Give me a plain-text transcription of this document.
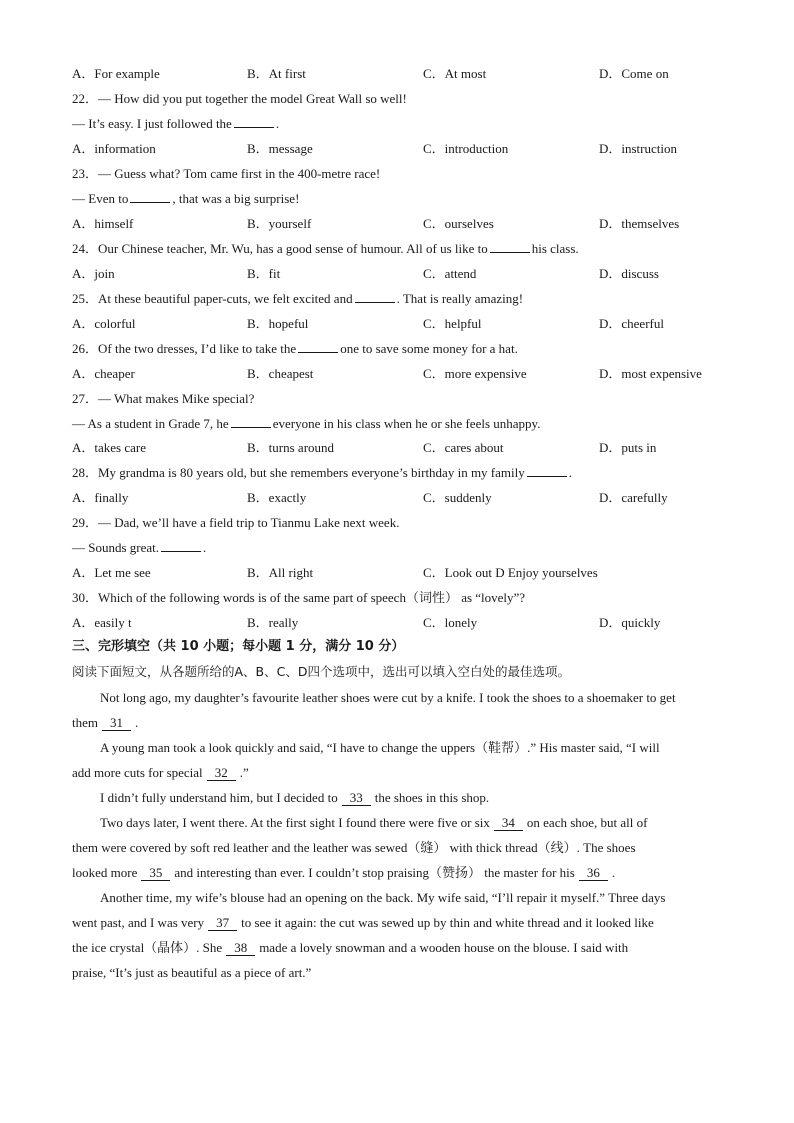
A．For example	B．At first	C．At most	D．Come on
22．— How did you put together the model Great Wall so well!
— It’s easy. I just followed the	.
A．information	B．message	C．introduction	D．instruction
23．— Guess what? Tom came first in the 400-metre race!
— Even to	, that was a big surprise!
A．himself	B．yourself	C．ourselves	D．themselves
24．Our Chinese teacher, Mr. Wu, has a good sense of humour. All of us like to	his class.
A．join	B．fit	C．attend	D．discuss
25．At these beautiful paper-cuts, we felt excited and	. That is really amazing!
A．colorful	B．hopeful	C．helpful	D．cheerful
26．Of the two dresses, I’d like to take the	one to save some money for a hat.
A．cheaper	B．cheapest	C．more expensive	D．most expensive
27．— What makes Mike special?
— As a student in Grade 7, he	everyone in his class when he or she feels unhappy.
A．takes care	B．turns around	C．cares about	D．puts in
28．My grandma is 80 years old, but she remembers everyone’s birthday in my family	.
A．finally	B．exactly	C．suddenly	D．carefully
29．— Dad, we’ll have a field trip to Tianmu Lake next week.
— Sounds great.	.
A．Let me see	B．All right	C．Look out D Enjoy yourselves
30．Which of the following words is of the same part of speech（词性） as “lovely”?
A．easily t	B．really	C．lonely	D．quickly
三、完形填空（共 10 小题；每小题 1 分，满分 10 分）
阅读下面短文，从各题所给的A、B、C、D四个选项中，选出可以填入空白处的最佳选项。
Not long ago, my daughter’s favourite leather shoes were cut by a knife. I took the shoes to a shoemaker to get
them 31 .
A young man took a look quickly and said, “I have to change the uppers（鞋帮）.” His master said, “I will
add more cuts for special 32 .”
I didn’t fully understand him, but I decided to 33 the shoes in this shop.
Two days later, I went there. At the first sight I found there were five or six 34 on each shoe, but all of
them were covered by soft red leather and the leather was sewed（缝） with thick thread（线）. The shoes
looked more 35 and interesting than ever. I couldn’t stop praising（赞扬） the master for his 36 .
Another time, my wife’s blouse had an opening on the back. My wife said, “I’ll repair it myself.” Three days
went past, and I was very 37 to see it again: the cut was sewed up by thin and white thread and it looked like
the ice crystal（晶体）. She 38 made a lovely snowman and a wooden house on the blouse. I said with
praise, “It’s just as beautiful as a piece of art.”
